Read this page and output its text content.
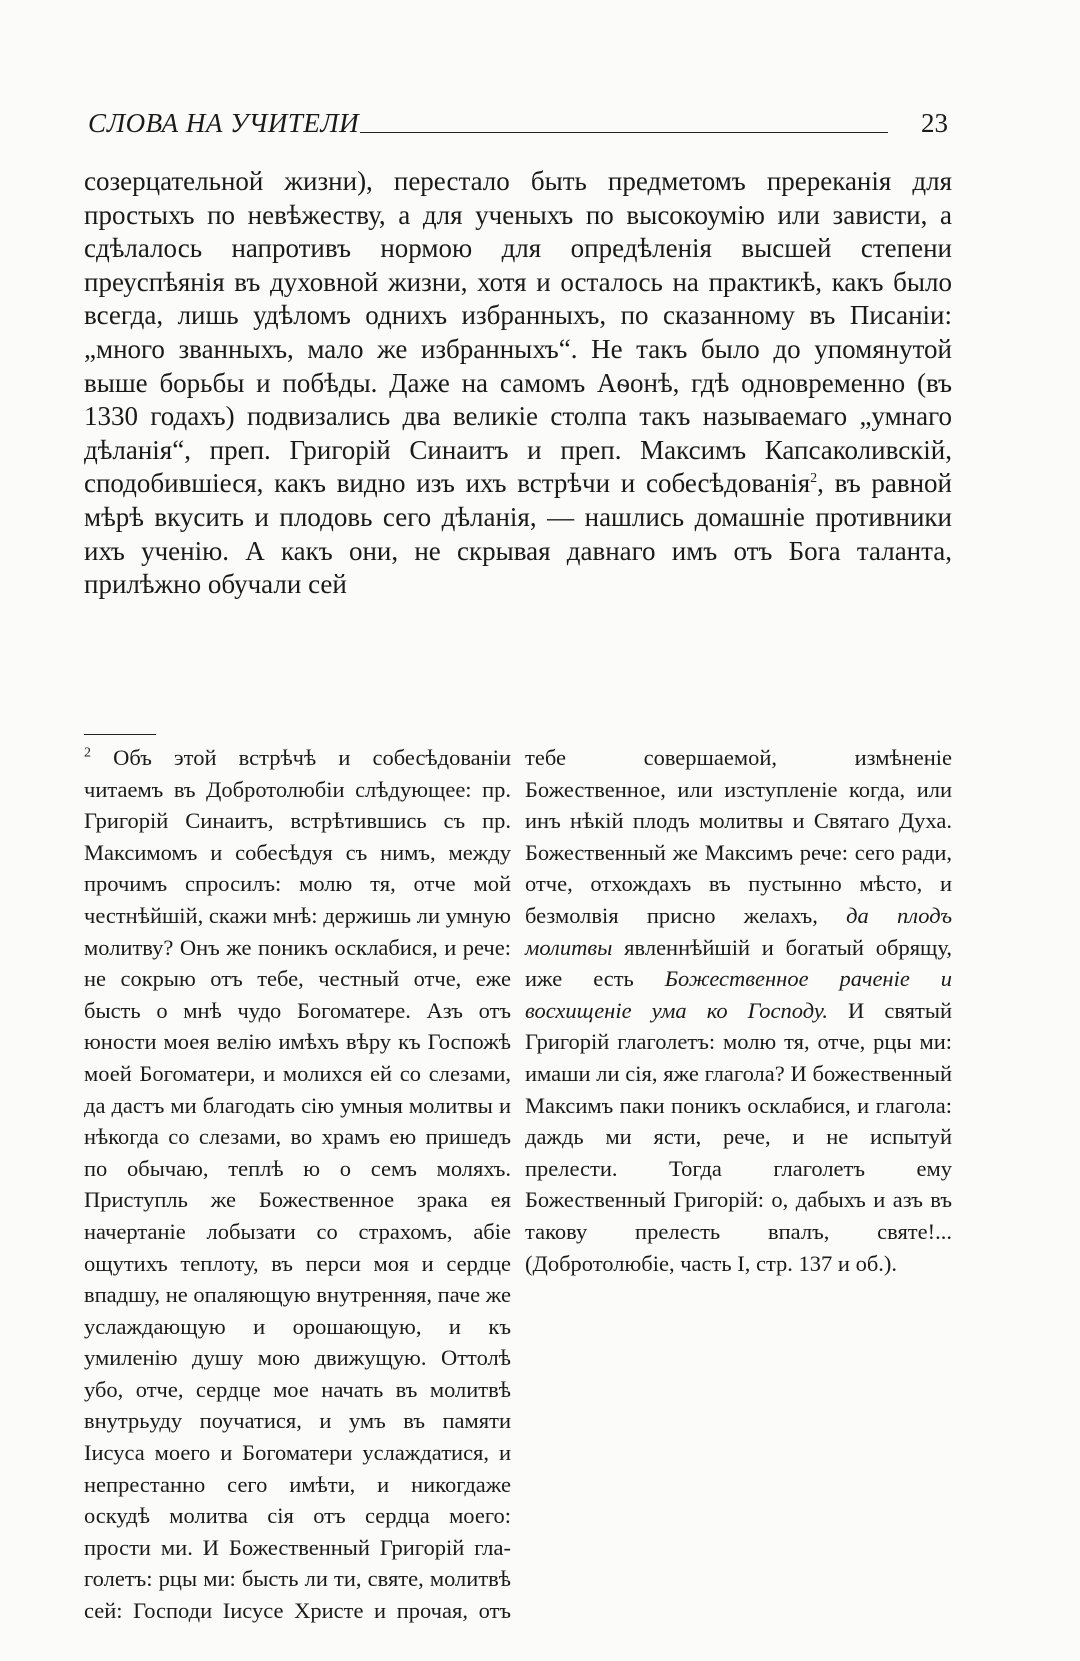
СЛОВА НА УЧИТЕЛИ	23

созерцательной жизни), перестало быть предметомъ пререканія для простыхъ по невѣжеству, а для ученыхъ по высокоумію или зависти, а сдѣлалось напротивъ нормою для опредѣленія высшей степени преуспѣянія въ духовной жизни, хотя и осталось на практикѣ, какъ было всегда, лишь удѣломъ однихъ избранныхъ, по сказанному въ Писаніи: „много званныхъ, мало же избранныхъ“. Не такъ было до упомянутой выше борьбы и побѣды. Даже на самомъ Аѳонѣ, гдѣ одновременно (въ 1330 годахъ) подвизались два великіе столпа такъ называемаго „умнаго дѣланія“, преп. Григорій Синаитъ и преп. Максимъ Капсаколивскій, сподобившіеся, какъ видно изъ ихъ встрѣчи и собесѣдованія$^2$, въ равной мѣрѣ вкусить и плодовь сего дѣланія, — нашлись домашніе противники ихъ ученію. А какъ они, не скрывая давнаго имъ отъ Бога таланта, прилѣжно обучали сей

$^2$ Объ этой встрѣчѣ и собесѣдованіи читаемъ въ Добротолюбіи слѣдующее: пр. Григорій Синаитъ, встрѣтившись съ пр. Максимомъ и собесѣдуя съ нимъ, между прочимъ спросилъ: молю тя, отче мой честнѣйшій, скажи мнѣ: держишь ли умную молитву? Онъ же поникъ осклабися, и рече: не сокрыю отъ тебе, честный отче, еже бысть о мнѣ чудо Богоматере. Азъ отъ юности моея велію имѣхъ вѣру къ Госпожѣ моей Богоматери, и молихся ей со слезами, да дастъ ми благодать сію умныя молитвы и нѣкогда со слезами, во храмъ ею пришедъ по обычаю, теплѣ ю о семъ моляхъ. Приступль же Божественное зрака ея начертаніе лобызати со страхомъ, абіе ощутихъ теплоту, въ перси моя и сердце впадшу, не опаляющую внутренняя, паче же услаждающую и орошающую, и къ умиленію душу мою движущую. Оттолѣ убо, отче, сердце мое начать въ молитвѣ внутрьуду поучатися, и умъ въ памяти Іисуса моего и Богоматери услаждатися, и непрестанно сего имѣти, и никогдаже оскудѣ молитва сія отъ сердца моего: прости ми. И Божественный Григорій глаголетъ: рцы ми: бысть ли ти, святе, молитвѣ сей: Господи Іисусе Христе и прочая, отъ тебе совершаемой, измѣненіе Божественное, или изступленіе когда, или инъ нѣкій плодъ молитвы и Святаго Духа. Божественный же Максимъ рече: сего ради, отче, отхождахъ въ пустынно мѣсто, и безмолвія присно желахъ, да плодъ молитвы явленнѣйшій и богатый обрящу, иже есть Божественное раченіе и восхищеніе ума ко Господу. И святый Григорій глаголетъ: молю тя, отче, рцы ми: имаши ли сія, яже глагола? И божественный Максимъ паки поникъ осклабися, и глагола: даждь ми ясти, рече, и не испытуй прелести. Тогда глаголетъ ему Божественный Григорій: о, дабыхъ и азъ въ такову прелесть впалъ, святе!... (Добротолюбіе, часть I, стр. 137 и об.).
